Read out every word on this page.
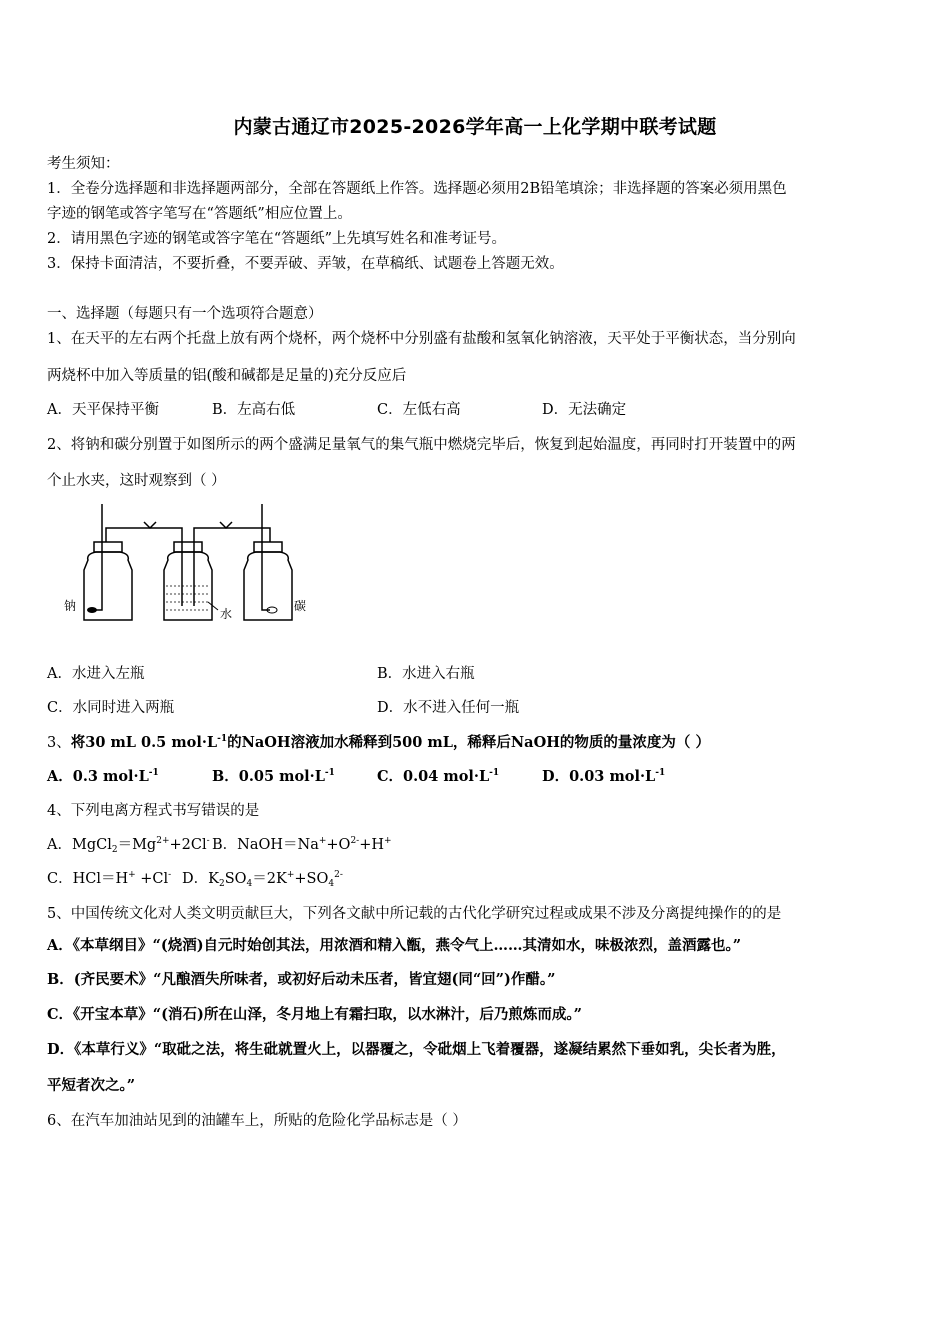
内蒙古通辽市2025-2026学年高一上化学期中联考试题
考生须知：
1．全卷分选择题和非选择题两部分，全部在答题纸上作答。选择题必须用2B铅笔填涂；非选择题的答案必须用黑色
字迹的钢笔或答字笔写在“答题纸”相应位置上。
2．请用黑色字迹的钢笔或答字笔在“答题纸”上先填写姓名和准考证号。
3．保持卡面清洁，不要折叠，不要弄破、弄皱，在草稿纸、试题卷上答题无效。
一、选择题（每题只有一个选项符合题意）
1、在天平的左右两个托盘上放有两个烧杯，两个烧杯中分别盛有盐酸和氢氧化钠溶液，天平处于平衡状态，当分别向
两烧杯中加入等质量的铝(酸和碱都是足量的)充分反应后
A．天平保持平衡	B．左高右低	C．左低右高	D．无法确定
2、将钠和碳分别置于如图所示的两个盛满足量氧气的集气瓶中燃烧完毕后，恢复到起始温度，再同时打开装置中的两
个止水夹，这时观察到（ ）
钠
水
碳
A．水进入左瓶	B．水进入右瓶
C．水同时进入两瓶	D．水不进入任何一瓶
3、将30 mL 0.5 $mol\cdot L^{-1}$的NaOH溶液加水稀释到500 mL，稀释后NaOH的物质的量浓度为（ ）
A．0.3 $mol\cdot L^{-1}$	B．0.05 $mol\cdot L^{-1}$	C．0.04 $mol\cdot L^{-1}$	D．0.03 $mol\cdot L^{-1}$
4、下列电离方程式书写错误的是
A．$MgCl_2=Mg^{2+}+2Cl^-$ B．$NaOH=Na^++O^{2-}+H^+$
C．HCl＝H+ +Cl- D．$K_2SO_4=2K^++SO_4^{2-}$
5、中国传统文化对人类文明贡献巨大，下列各文献中所记载的古代化学研究过程或成果不涉及分离提纯操作的的是
A．《本草纲目》“(烧酒)自元时始创其法，用浓酒和精入甑，燕令气上……其清如水，味极浓烈，盖酒露也。”
B．(齐民要术》“凡酿酒失所味者，或初好后动未压者，皆宜翅(同“回”)作醋。”
C．《开宝本草》“(消石)所在山泽，冬月地上有霜扫取，以水淋汁，后乃煎炼而成。”
D．《本草行义》“取砒之法，将生砒就置火上，以器覆之，令砒烟上飞着覆器，遂凝结累然下垂如乳，尖长者为胜，
平短者次之。”
6、在汽车加油站见到的油罐车上，所贴的危险化学品标志是（ ）
